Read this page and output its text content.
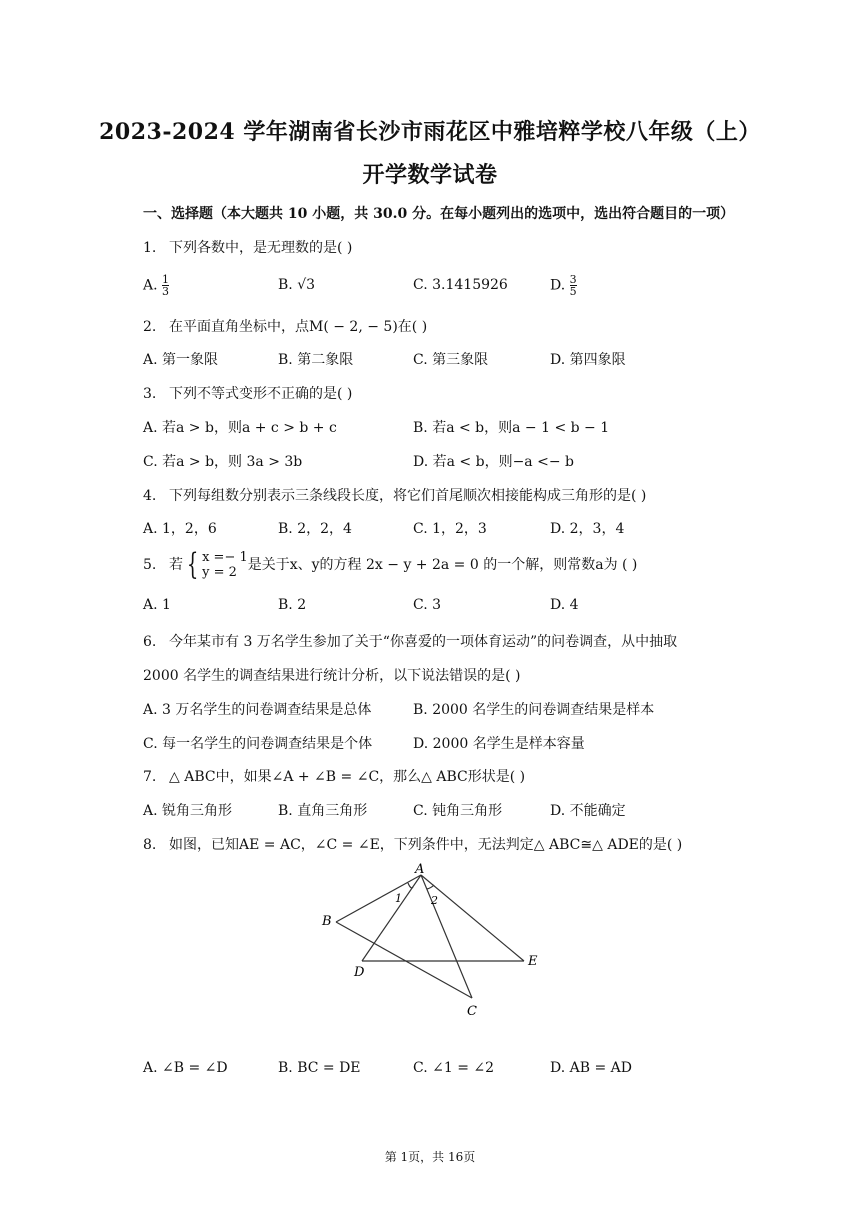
2023-2024 学年湖南省长沙市雨花区中雅培粹学校八年级（上）
开学数学试卷
一、选择题（本大题共 10 小题，共 30.0 分。在每小题列出的选项中，选出符合题目的一项）
1. 下列各数中，是无理数的是( )
A. $\frac{1}{3}$	B. √3	C. 3.1415926	D. $\frac{3}{5}$
2. 在平面直角坐标中，点M( − 2, − 5)在( )
A. 第一象限	B. 第二象限	C. 第三象限	D. 第四象限
3. 下列不等式变形不正确的是( )
A. 若a > b，则a + c > b + c	B. 若a < b，则a − 1 < b − 1
C. 若a > b，则 3a > 3b	D. 若a < b，则−a <− b
4. 下列每组数分别表示三条线段长度，将它们首尾顺次相接能构成三角形的是( )
A. 1，2，6	B. 2，2，4	C. 1，2，3	D. 2，3，4
5. 若 { x =− 1
y = 2 是关于x、y的方程 2x − y + 2a = 0 的一个解，则常数a为 ( )
A. 1	B. 2	C. 3	D. 4
6. 今年某市有 3 万名学生参加了关于“你喜爱的一项体育运动”的问卷调查，从中抽取
2000 名学生的调查结果进行统计分析，以下说法错误的是( )
A. 3 万名学生的问卷调查结果是总体	B. 2000 名学生的问卷调查结果是样本
C. 每一名学生的问卷调查结果是个体	D. 2000 名学生是样本容量
7. △ ABC中，如果∠A + ∠B = ∠C，那么△ ABC形状是( )
A. 锐角三角形	B. 直角三角形	C. 钝角三角形	D. 不能确定
8. 如图，已知AE = AC，∠C = ∠E，下列条件中，无法判定△ ABC≅△ ADE的是( )
A
B
D
E
C
1	2
A. ∠B = ∠D	B. BC = DE	C. ∠1 = ∠2	D. AB = AD
第 1页，共 16页
